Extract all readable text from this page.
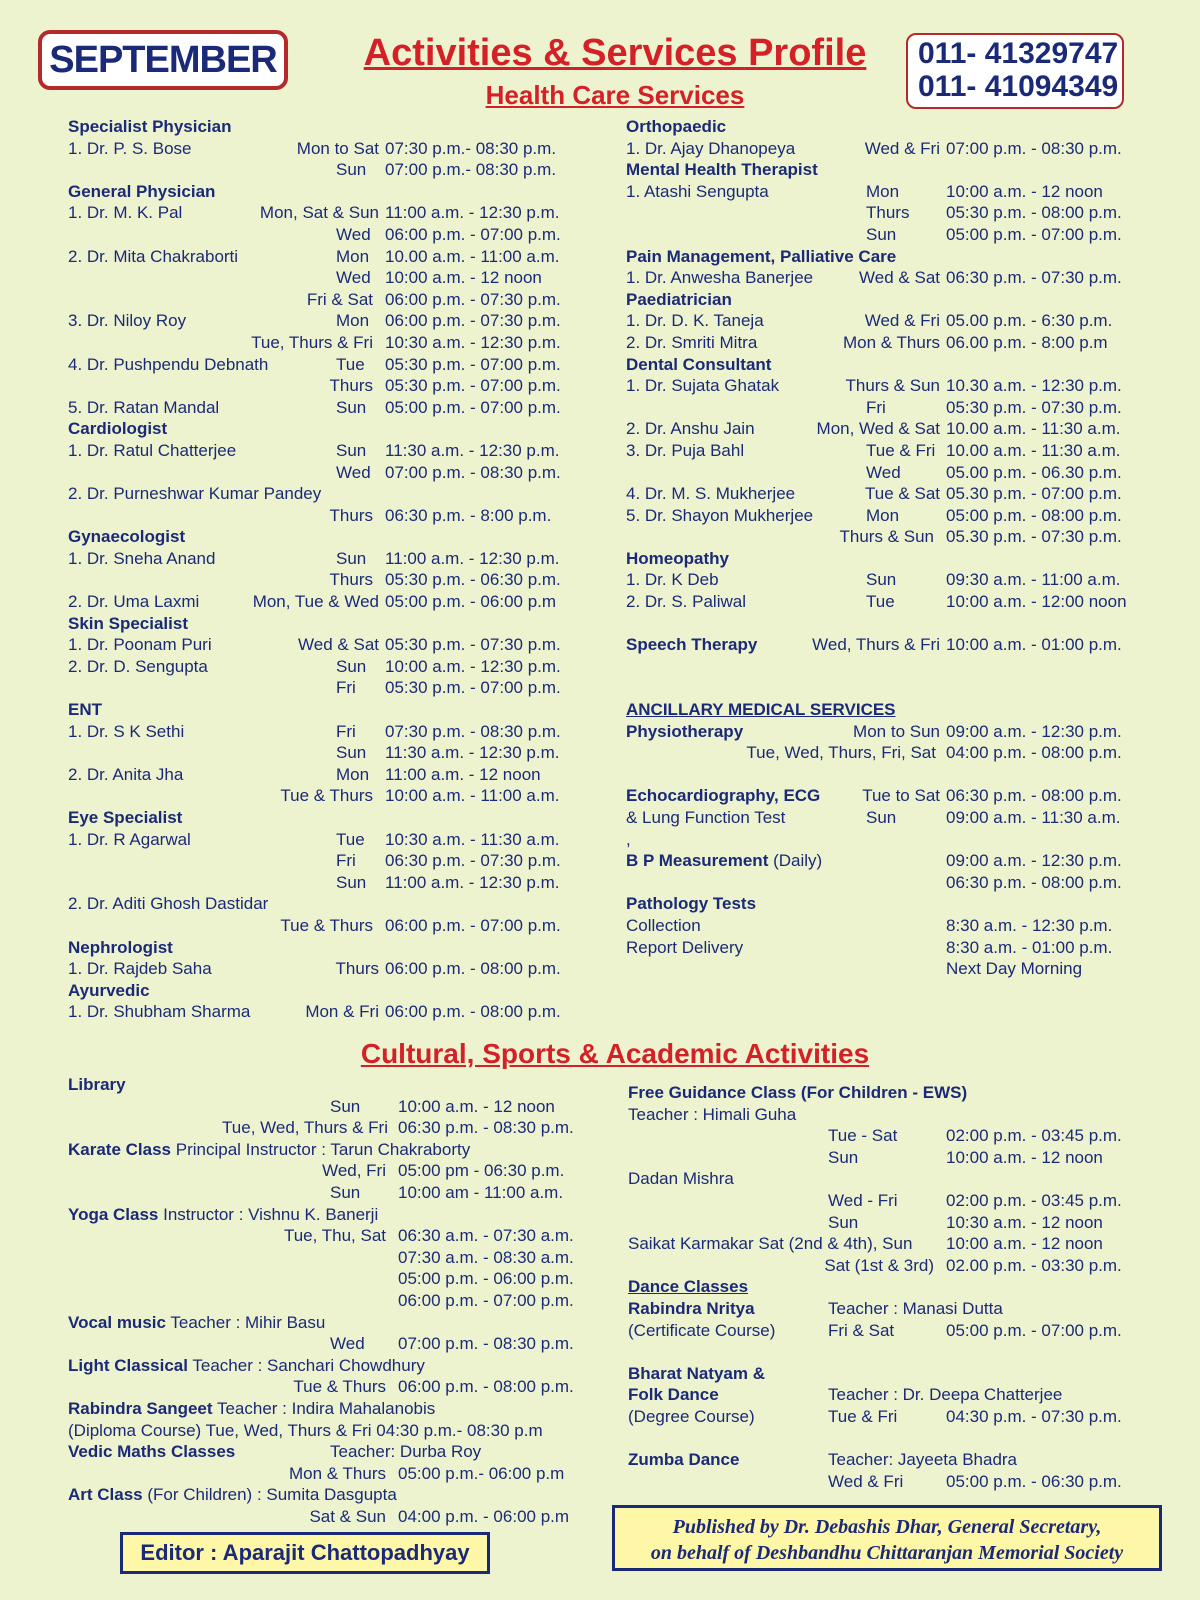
SEPTEMBER	Activities & Services Profile
Health Care Services
011- 41329747
011- 41094349
Specialist Physician
1. Dr. P. S. Bose	Mon to Sat 07:30 p.m.- 08:30 p.m.
Sun 07:00 p.m.- 08:30 p.m.
General Physician
1. Dr. M. K. Pal	Mon, Sat & Sun 11:00 a.m. - 12:30 p.m.
Wed 06:00 p.m. - 07:00 p.m.
2. Dr. Mita Chakraborti	Mon 10.00 a.m. - 11:00 a.m.
Wed 10:00 a.m. - 12 noon
Fri & Sat 06:00 p.m. - 07:30 p.m.
3. Dr. Niloy Roy	Mon 06:00 p.m. - 07:30 p.m.
Tue, Thurs & Fri 10:30 a.m. - 12:30 p.m.
4. Dr. Pushpendu Debnath	Tue 05:30 p.m. - 07:00 p.m.
Thurs 05:30 p.m. - 07:00 p.m.
5. Dr. Ratan Mandal	Sun 05:00 p.m. - 07:00 p.m.
Cardiologist
1. Dr. Ratul Chatterjee	Sun 11:30 a.m. - 12:30 p.m.
Wed 07:00 p.m. - 08:30 p.m.
2. Dr. Purneshwar Kumar Pandey
Thurs 06:30 p.m. - 8:00 p.m.
Gynaecologist
1. Dr. Sneha Anand	Sun 11:00 a.m. - 12:30 p.m.
Thurs 05:30 p.m. - 06:30 p.m.
2. Dr. Uma Laxmi	Mon, Tue & Wed 05:00 p.m. - 06:00 p.m
Skin Specialist
1. Dr. Poonam Puri	Wed & Sat 05:30 p.m. - 07:30 p.m.
2. Dr. D. Sengupta	Sun 10:00 a.m. - 12:30 p.m.
Fri 05:30 p.m. - 07:00 p.m.
ENT
1. Dr. S K Sethi	Fri 07:30 p.m. - 08:30 p.m.
Sun 11:30 a.m. - 12:30 p.m.
2. Dr. Anita Jha	Mon 11:00 a.m. - 12 noon
Tue & Thurs 10:00 a.m. - 11:00 a.m.
Eye Specialist
1. Dr. R Agarwal	Tue 10:30 a.m. - 11:30 a.m.
Fri 06:30 p.m. - 07:30 p.m.
Sun 11:00 a.m. - 12:30 p.m.
2. Dr. Aditi Ghosh Dastidar
Tue & Thurs 06:00 p.m. - 07:00 p.m.
Nephrologist
1. Dr. Rajdeb Saha	Thurs 06:00 p.m. - 08:00 p.m.
Ayurvedic
1. Dr. Shubham Sharma	Mon & Fri 06:00 p.m. - 08:00 p.m.
Orthopaedic
1. Dr. Ajay Dhanopeya	Wed & Fri 07:00 p.m. - 08:30 p.m.
Mental Health Therapist
1. Atashi Sengupta	Mon	10:00 a.m. - 12 noon
Thurs 05:30 p.m. - 08:00 p.m.
Sun	05:00 p.m. - 07:00 p.m.
Pain Management, Palliative Care
1. Dr. Anwesha Banerjee	Wed & Sat 06:30 p.m. - 07:30 p.m.
Paediatrician
1. Dr. D. K. Taneja	Wed & Fri 05.00 p.m. - 6:30 p.m.
2. Dr. Smriti Mitra	Mon & Thurs 06.00 p.m. - 8:00 p.m
Dental Consultant
1. Dr. Sujata Ghatak	Thurs & Sun 10.30 a.m. - 12:30 p.m.
Fri	05:30 p.m. - 07:30 p.m.
2. Dr. Anshu Jain	Mon, Wed & Sat 10.00 a.m. - 11:30 a.m.
3. Dr. Puja Bahl	Tue & Fri 10.00 a.m. - 11:30 a.m.
Wed	05.00 p.m. - 06.30 p.m.
4. Dr. M. S. Mukherjee	Tue & Sat 05.30 p.m. - 07:00 p.m.
5. Dr. Shayon Mukherjee	Mon	05:00 p.m. - 08:00 p.m.
Thurs & Sun 05.30 p.m. - 07:30 p.m.
Homeopathy
1. Dr. K Deb	Sun	09:30 a.m. - 11:00 a.m.
2. Dr. S. Paliwal	Tue	10:00 a.m. - 12:00 noon
Speech Therapy	Wed, Thurs & Fri 10:00 a.m. - 01:00 p.m.
ANCILLARY MEDICAL SERVICES
Physiotherapy	Mon to Sun 09:00 a.m. - 12:30 p.m.
Tue, Wed, Thurs, Fri, Sat 04:00 p.m. - 08:00 p.m.
Echocardiography, ECG Tue to Sat 06:30 p.m. - 08:00 p.m.
& Lung Function Test	Sun	09:00 a.m. - 11:30 a.m.
,
B P Measurement (Daily)	09:00 a.m. - 12:30 p.m.
06:30 p.m. - 08:00 p.m.
Pathology Tests
Collection	8:30 a.m. - 12:30 p.m.
Report Delivery	8:30 a.m. - 01:00 p.m.
Next Day Morning
Cultural, Sports & Academic Activities
Library
Sun 10:00 a.m. - 12 noon
Tue, Wed, Thurs & Fri 06:30 p.m. - 08:30 p.m.
Karate Class Principal Instructor : Tarun Chakraborty
Wed, Fri 05:00 pm - 06:30 p.m.
Sun 10:00 am - 11:00 a.m.
Yoga Class Instructor : Vishnu K. Banerji
Tue, Thu, Sat 06:30 a.m. - 07:30 a.m.
07:30 a.m. - 08:30 a.m.
05:00 p.m. - 06:00 p.m.
06:00 p.m. - 07:00 p.m.
Vocal music Teacher : Mihir Basu
Wed 07:00 p.m. - 08:30 p.m.
Light Classical Teacher : Sanchari Chowdhury
Tue & Thurs 06:00 p.m. - 08:00 p.m.
Rabindra Sangeet Teacher : Indira Mahalanobis
(Diploma Course) Tue, Wed, Thurs & Fri 04:30 p.m.- 08:30 p.m
Vedic Maths Classes	Teacher: Durba Roy
Mon & Thurs 05:00 p.m.- 06:00 p.m
Art Class (For Children) : Sumita Dasgupta
Sat & Sun 04:00 p.m. - 06:00 p.m
Free Guidance Class (For Children - EWS)
Teacher : Himali Guha
Tue - Sat	02:00 p.m. - 03:45 p.m.
Sun	10:00 a.m. - 12 noon
Dadan Mishra
Wed - Fri	02:00 p.m. - 03:45 p.m.
Sun	10:30 a.m. - 12 noon
Saikat Karmakar Sat (2nd & 4th), Sun 10:00 a.m. - 12 noon
Sat (1st & 3rd) 02.00 p.m. - 03:30 p.m.
Dance Classes
Rabindra Nritya	Teacher : Manasi Dutta
(Certificate Course)	Fri & Sat	05:00 p.m. - 07:00 p.m.
Bharat Natyam &
Folk Dance	Teacher : Dr. Deepa Chatterjee
(Degree Course)	Tue & Fri	04:30 p.m. - 07:30 p.m.
Zumba Dance	Teacher: Jayeeta Bhadra
Wed & Fri	05:00 p.m. - 06:30 p.m.
Editor : Aparajit Chattopadhyay
Published by Dr. Debashis Dhar, General Secretary,
on behalf of Deshbandhu Chittaranjan Memorial Society
